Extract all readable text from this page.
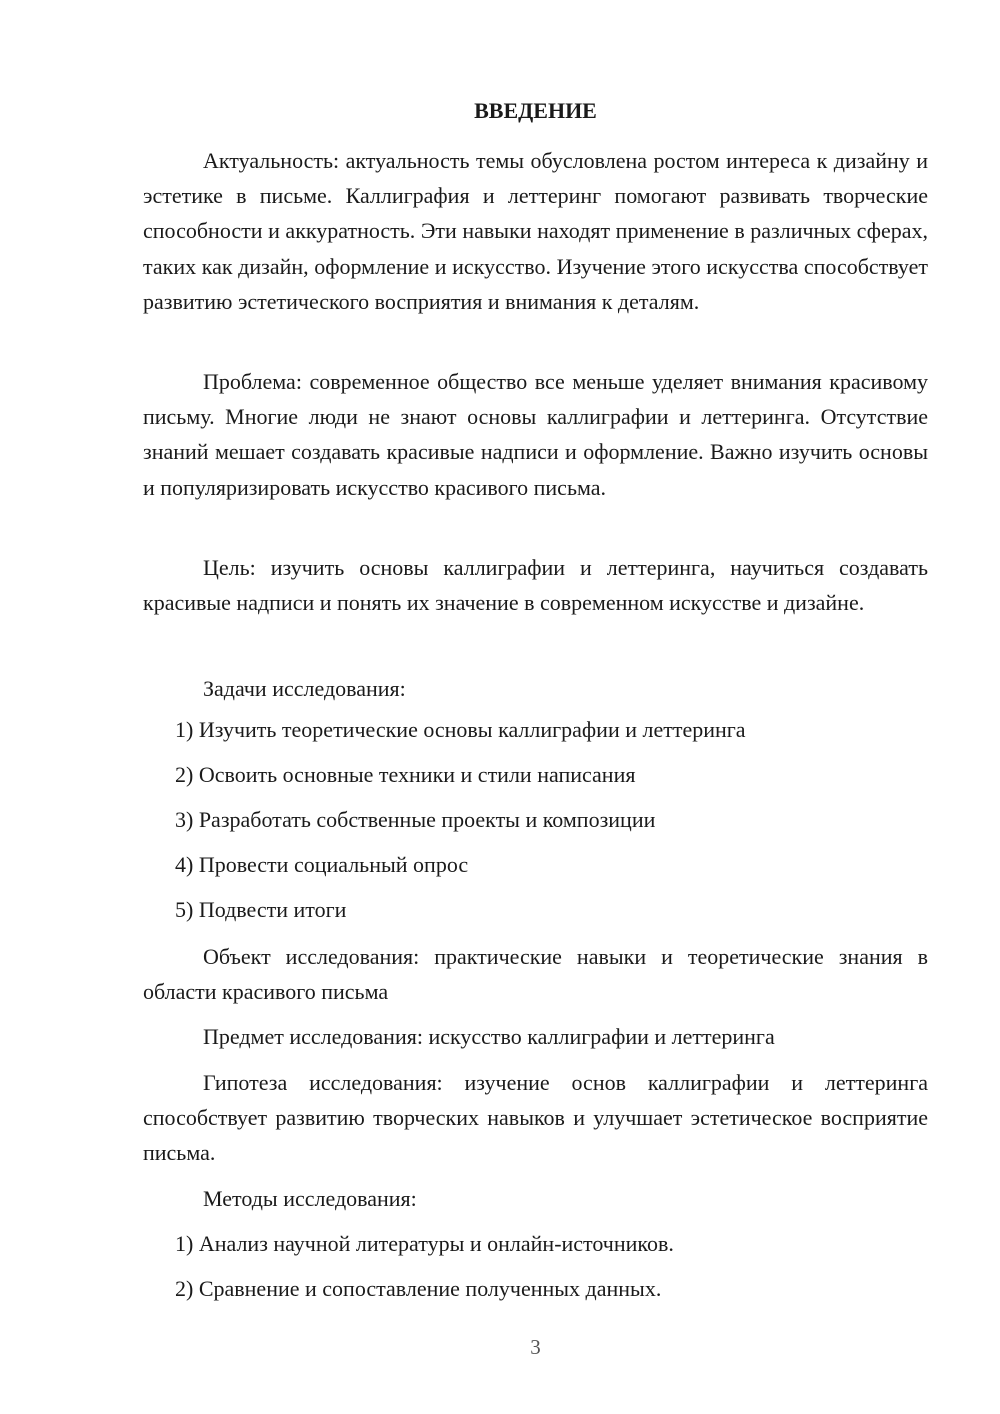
ВВЕДЕНИЕ

Актуальность: актуальность темы обусловлена ростом интереса к дизайну и эстетике в письме. Каллиграфия и леттеринг помогают развивать творческие способности и аккуратность. Эти навыки находят применение в различных сферах, таких как дизайн, оформление и искусство. Изучение этого искусства способствует развитию эстетического восприятия и внимания к деталям.

Проблема: современное общество все меньше уделяет внимания красивому письму. Многие люди не знают основы каллиграфии и леттеринга. Отсутствие знаний мешает создавать красивые надписи и оформление. Важно изучить основы и популяризировать искусство красивого письма.

Цель: изучить основы каллиграфии и леттеринга, научиться создавать красивые надписи и понять их значение в современном искусстве и дизайне.

Задачи исследования:

1) Изучить теоретические основы каллиграфии и леттеринга

2) Освоить основные техники и стили написания

3) Разработать собственные проекты и композиции

4) Провести социальный опрос

5) Подвести итоги

Объект исследования: практические навыки и теоретические знания в области красивого письма

Предмет исследования: искусство каллиграфии и леттеринга

Гипотеза исследования: изучение основ каллиграфии и леттеринга способствует развитию творческих навыков и улучшает эстетическое восприятие письма.

Методы исследования:

1) Анализ научной литературы и онлайн-источников.

2) Сравнение и сопоставление полученных данных.

3
